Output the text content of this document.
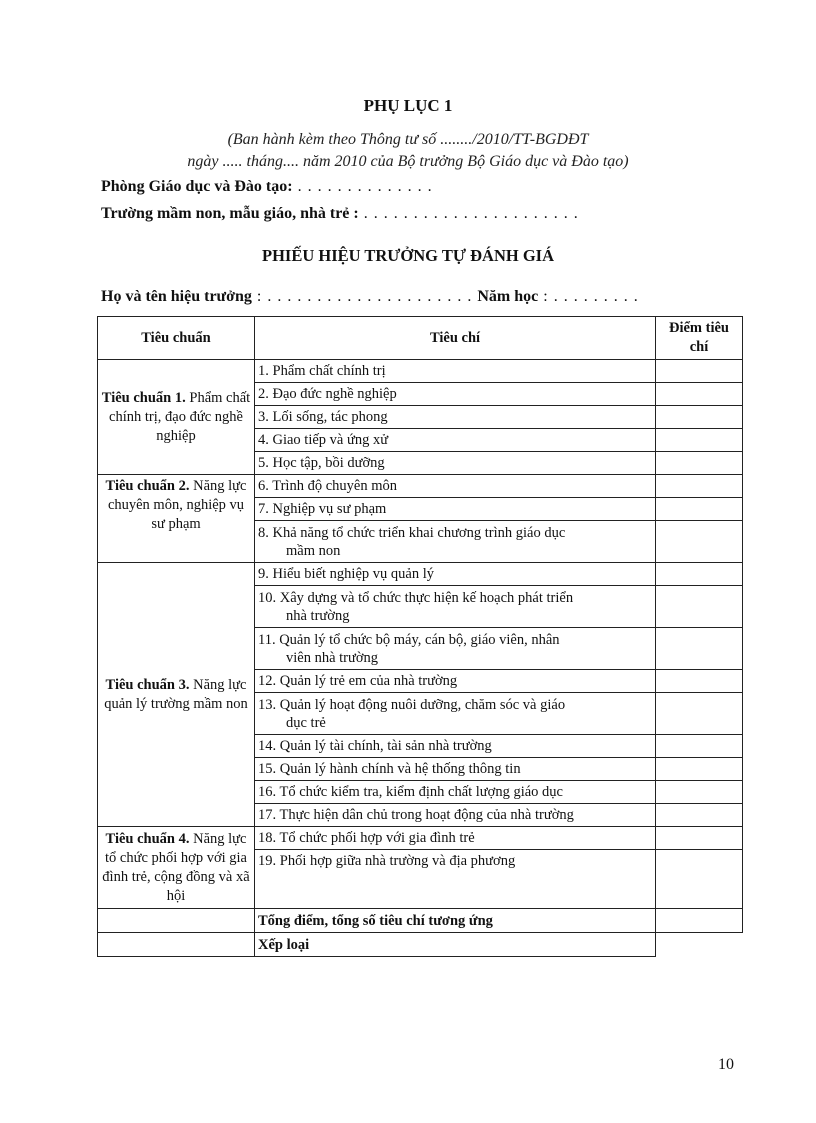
PHỤ LỤC 1
(Ban hành kèm theo Thông tư số ......../2010/TT-BGDĐT
ngày ..... tháng.... năm 2010 của Bộ trưởng Bộ Giáo dục và Đào tạo)
Phòng Giáo dục và Đào tạo: . . . . . . . . . . . . . .
Trường mầm non, mẫu giáo, nhà trẻ : . . . . . . . . . . . . . . . . . . . . . .
PHIẾU HIỆU TRƯỞNG TỰ ĐÁNH GIÁ
Họ và tên hiệu trưởng : . . . . . . . . . . . . . . . . . . . . . Năm học : . . . . . . . . .
Tiêu chuẩn	Tiêu chí	Điểm tiêu chí
Tiêu chuẩn 1. Phẩm chất chính trị, đạo đức nghề nghiệp	1. Phẩm chất chính trị	
	2. Đạo đức nghề nghiệp	
	3. Lối sống, tác phong	
	4. Giao tiếp và ứng xử	
	5. Học tập, bồi dưỡng	
Tiêu chuẩn 2. Năng lực chuyên môn, nghiệp vụ sư phạm	6. Trình độ chuyên môn	
	7. Nghiệp vụ sư phạm	

	8. Khả năng tổ chức triển khai chương trình giáo dục
mầm non	

Tiêu chuẩn 3. Năng lực quản lý trường mầm non	9. Hiểu biết nghiệp vụ quản lý	

	10. Xây dựng và tổ chức thực hiện kế hoạch phát triển
nhà trường	

	11. Quản lý tổ chức bộ máy, cán bộ, giáo viên, nhân
viên nhà trường	

	12. Quản lý trẻ em của nhà trường	

	13. Quản lý hoạt động nuôi dưỡng, chăm sóc và giáo
dục trẻ	

	14. Quản lý tài chính, tài sản nhà trường	
	15. Quản lý hành chính và hệ thống thông tin	
	16. Tổ chức kiểm tra, kiểm định chất lượng giáo dục	
	17. Thực hiện dân chủ trong hoạt động của nhà trường	
Tiêu chuẩn 4. Năng lực tổ chức phối hợp với gia đình trẻ, cộng đồng và xã hội	18. Tổ chức phối hợp với gia đình trẻ	
	19. Phối hợp giữa nhà trường và địa phương	
	Tổng điểm, tổng số tiêu chí tương ứng	
	Xếp loại	
10
